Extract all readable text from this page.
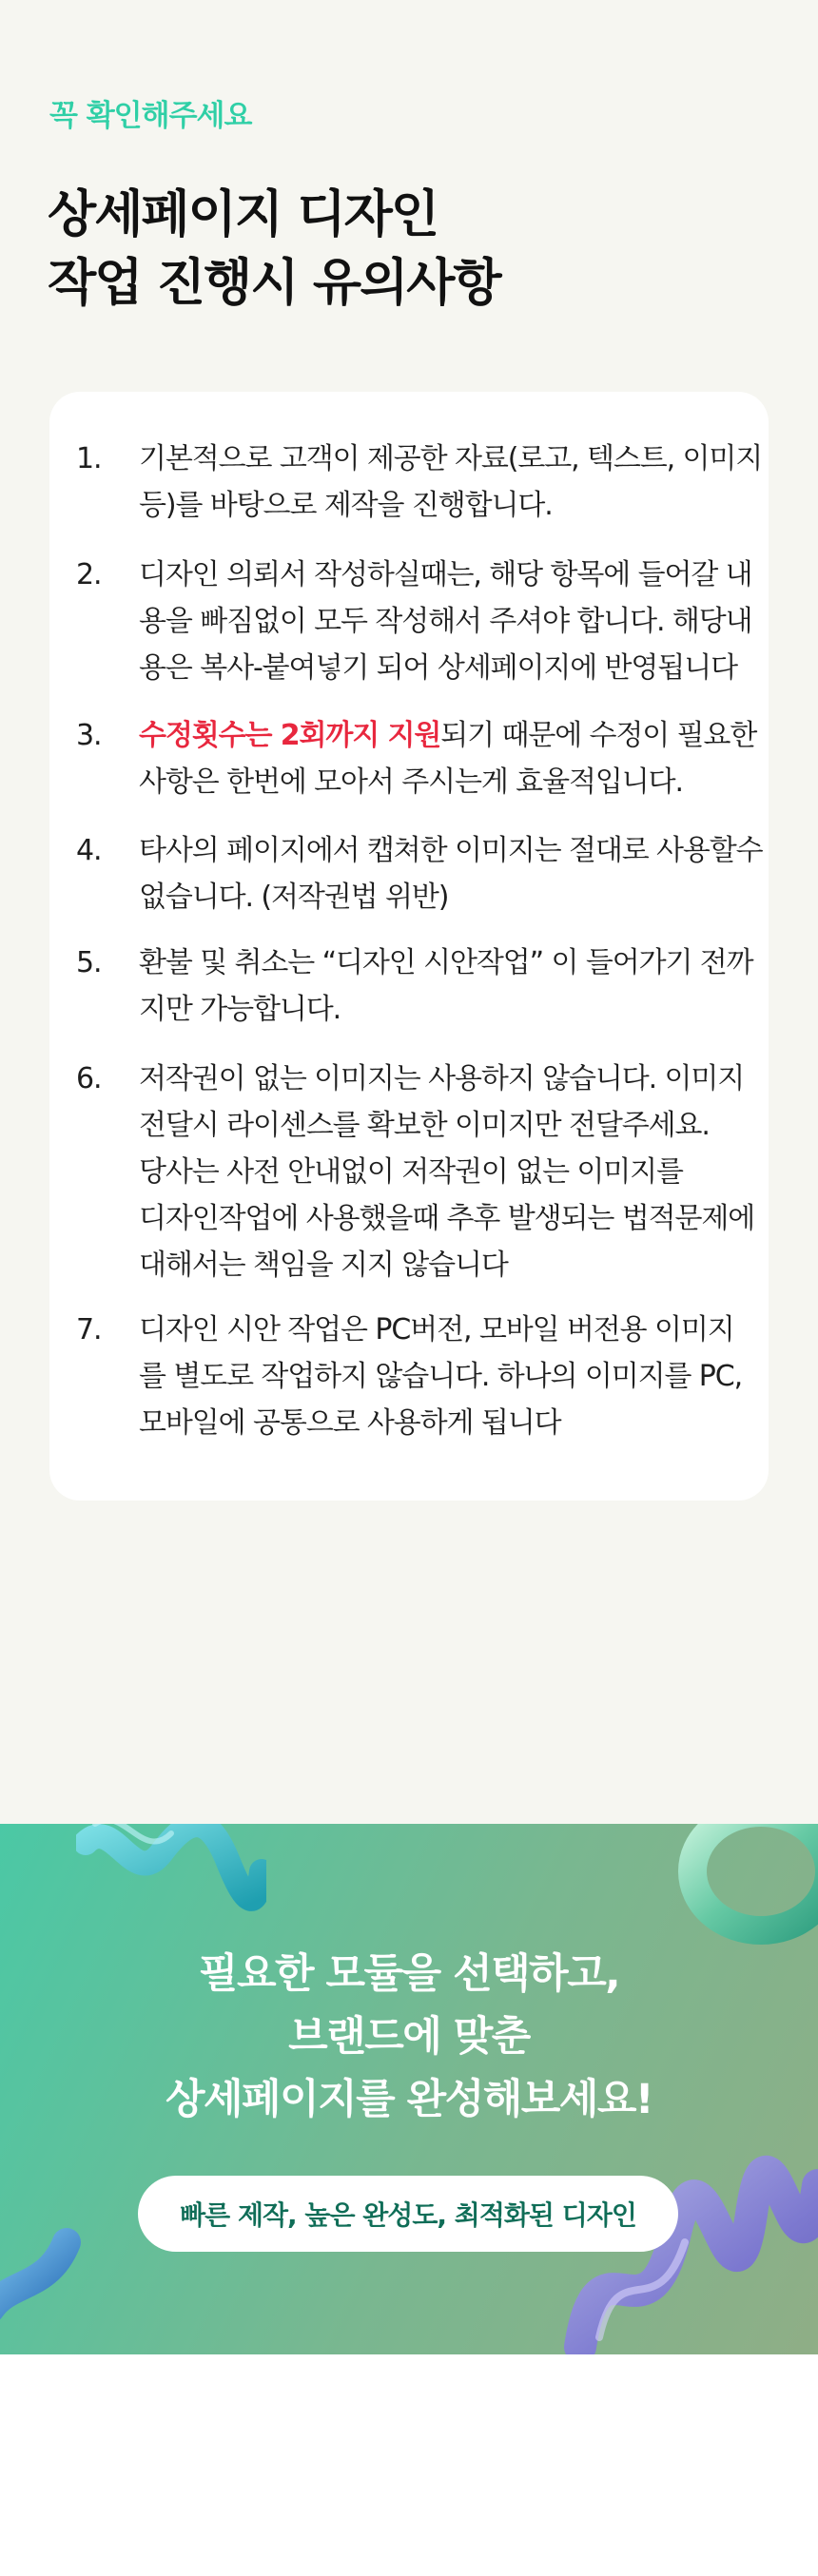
꼭 확인해주세요

상세페이지 디자인
작업 진행시 유의사항
1.	기본적으로 고객이 제공한 자료(로고, 텍스트, 이미지
등)를 바탕으로 제작을 진행합니다.
2.	디자인 의뢰서 작성하실때는, 해당 항목에 들어갈 내
용을 빠짐없이 모두 작성해서 주셔야 합니다. 해당내
용은 복사-붙여넣기 되어 상세페이지에 반영됩니다
3.	수정횟수는 2회까지 지원되기 때문에 수정이 필요한
사항은 한번에 모아서 주시는게 효율적입니다.
4.	타사의 페이지에서 캡쳐한 이미지는 절대로 사용할수
없습니다. (저작권법 위반)
5.	환불 및 취소는 “디자인 시안작업” 이 들어가기 전까
지만 가능합니다.
6.	저작권이 없는 이미지는 사용하지 않습니다. 이미지
전달시 라이센스를 확보한 이미지만 전달주세요.
당사는 사전 안내없이 저작권이 없는 이미지를
디자인작업에 사용했을때 추후 발생되는 법적문제에
대해서는 책임을 지지 않습니다
7.	디자인 시안 작업은 PC버전, 모바일 버전용 이미지
를 별도로 작업하지 않습니다. 하나의 이미지를 PC,
모바일에 공통으로 사용하게 됩니다
필요한 모듈을 선택하고,
브랜드에 맞춘
상세페이지를 완성해보세요!
빠른 제작, 높은 완성도, 최적화된 디자인
